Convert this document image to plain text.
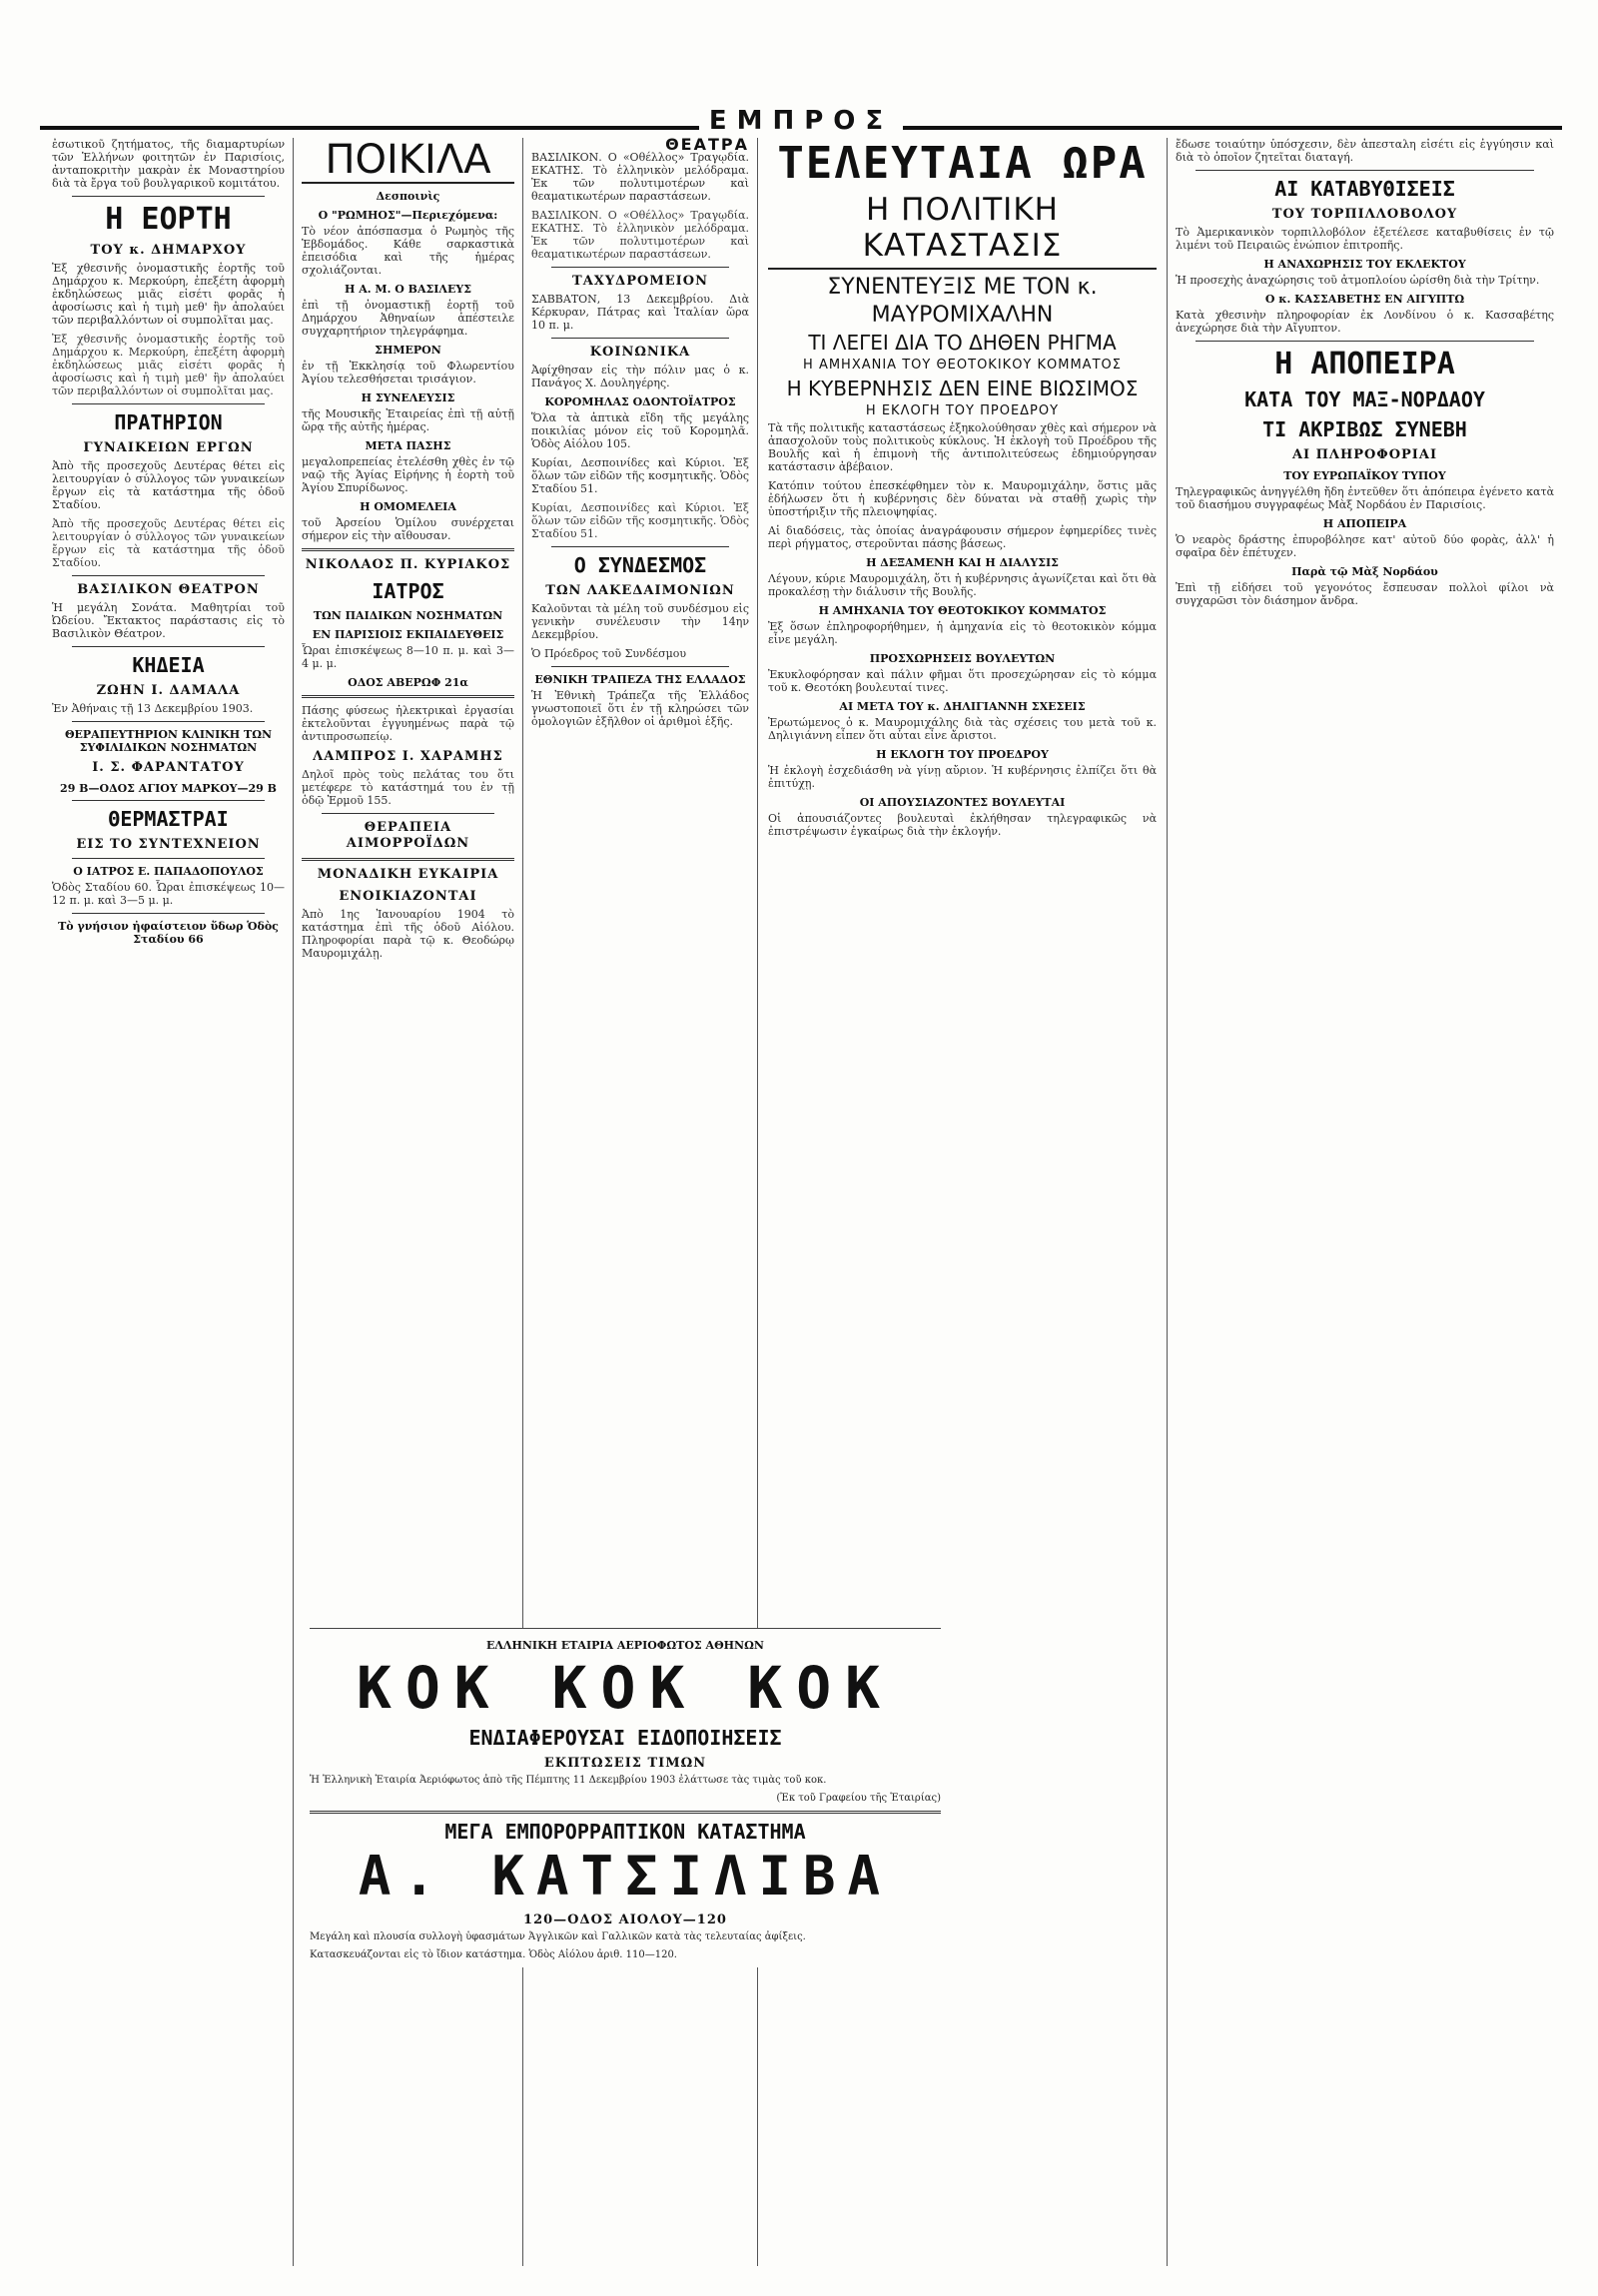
ΕΜΠΡΟΣ

ἐσωτικοῦ ζητήματος, τῆς διαμαρτυρίων τῶν Ἑλλήνων φοιτητῶν ἐν Παρισίοις, ἀνταποκριτὴν μακρὰν ἐκ Μοναστηρίου διὰ τὰ ἔργα τοῦ βουλγαρικοῦ κομιτάτου.

Η ΕΟΡΤΗ
ΤΟΥ κ. ΔΗΜΑΡΧΟΥ

Ἐξ χθεσινῆς ὀνομαστικῆς ἑορτῆς τοῦ Δημάρχου κ. Μερκούρη, ἐπεξέτη ἀφορμὴ ἐκδηλώσεως μιᾶς εἰσέτι φορᾶς ἡ ἀφοσίωσις καὶ ἡ τιμὴ μεθ' ἣν ἀπολαύει τῶν περιβαλλόντων οἱ συμπολῖται μας.

Ἐξ χθεσινῆς ὀνομαστικῆς ἑορτῆς τοῦ Δημάρχου κ. Μερκούρη, ἐπεξέτη ἀφορμὴ ἐκδηλώσεως μιᾶς εἰσέτι φορᾶς ἡ ἀφοσίωσις καὶ ἡ τιμὴ μεθ' ἣν ἀπολαύει τῶν περιβαλλόντων οἱ συμπολῖται μας.

ΠΡΑΤΗΡΙΟΝ
ΓΥΝΑΙΚΕΙΩΝ ΕΡΓΩΝ

Ἀπὸ τῆς προσεχοῦς Δευτέρας θέτει εἰς λειτουργίαν ὁ σύλλογος τῶν γυναικείων ἔργων εἰς τὰ κατάστημα τῆς ὁδοῦ Σταδίου.

Ἀπὸ τῆς προσεχοῦς Δευτέρας θέτει εἰς λειτουργίαν ὁ σύλλογος τῶν γυναικείων ἔργων εἰς τὰ κατάστημα τῆς ὁδοῦ Σταδίου.

ΒΑΣΙΛΙΚΟΝ ΘΕΑΤΡΟΝ

Ἡ μεγάλη Σονάτα. Μαθητρίαι τοῦ Ὠδείου. Ἔκτακτος παράστασις εἰς τὸ Βασιλικὸν Θέατρον.

ΚΗΔΕΙΑ
ΖΩΗΝ Ι. ΔΑΜΑΛΑ

Ἐν Ἀθήναις τῇ 13 Δεκεμβρίου 1903.

ΘΕΡΑΠΕΥΤΗΡΙΟΝ ΚΛΙΝΙΚΗ ΤΩΝ ΣΥΦΙΛΙΔΙΚΩΝ ΝΟΣΗΜΑΤΩΝ
Ι. Σ. ΦΑΡΑΝΤΑΤΟΥ
29 Β—ΟΔΟΣ ΑΓΙΟΥ ΜΑΡΚΟΥ—29 Β
ΘΕΡΜΑΣΤΡΑΙ
ΕΙΣ ΤΟ ΣΥΝΤΕΧΝΕΙΟΝ
Ο ΙΑΤΡΟΣ Ε. ΠΑΠΑΔΟΠΟΥΛΟΣ

Ὁδὸς Σταδίου 60. Ὧραι ἐπισκέψεως 10—12 π. μ. καὶ 3—5 μ. μ.

Τὸ γνήσιον ἠφαίστειον ὕδωρ Ὁδὸς Σταδίου 66
ΠΟΙΚΙΛΑ
Δεσποινὶς
Ο "ΡΩΜΗΟΣ"—Περιεχόμενα:

Τὸ νέον ἀπόσπασμα ὁ Ρωμηὸς τῆς Ἑβδομάδος. Κάθε σαρκαστικὰ ἐπεισόδια καὶ τῆς ἡμέρας σχολιάζονται.

Η Α. Μ. Ο ΒΑΣΙΛΕΥΣ

ἐπὶ τῇ ὀνομαστικῇ ἑορτῇ τοῦ Δημάρχου Ἀθηναίων ἀπέστειλε συγχαρητήριον τηλεγράφημα.

ΣΗΜΕΡΟΝ

ἐν τῇ Ἐκκλησίᾳ τοῦ Φλωρεντίου Ἀγίου τελεσθήσεται τρισάγιον.

Η ΣΥΝΕΛΕΥΣΙΣ

τῆς Μουσικῆς Ἑταιρείας ἐπὶ τῇ αὐτῇ ὥρᾳ τῆς αὐτῆς ἡμέρας.

ΜΕΤΑ ΠΑΣΗΣ

μεγαλοπρεπείας ἐτελέσθη χθὲς ἐν τῷ ναῷ τῆς Ἁγίας Εἰρήνης ἡ ἑορτὴ τοῦ Ἁγίου Σπυρίδωνος.

Η ΟΜΟΜΕΛΕΙΑ

τοῦ Ἀρσείου Ὁμίλου συνέρχεται σήμερον εἰς τὴν αἴθουσαν.

ΝΙΚΟΛΑΟΣ Π. ΚΥΡΙΑΚΟΣ
ΙΑΤΡΟΣ
ΤΩΝ ΠΑΙΔΙΚΩΝ ΝΟΣΗΜΑΤΩΝ
ΕΝ ΠΑΡΙΣΙΟΙΣ ΕΚΠΑΙΔΕΥΘΕΙΣ

Ὧραι ἐπισκέψεως 8—10 π. μ. καὶ 3—4 μ. μ.

ΟΔΟΣ ΑΒΕΡΩΦ 21α

Πάσης φύσεως ἠλεκτρικαὶ ἐργασίαι ἐκτελοῦνται ἐγγυημένως παρὰ τῷ ἀντιπροσωπείῳ.

ΛΑΜΠΡΟΣ Ι. ΧΑΡΑΜΗΣ

Δηλοῖ πρὸς τοὺς πελάτας του ὅτι μετέφερε τὸ κατάστημά του ἐν τῇ ὁδῷ Ἑρμοῦ 155.

ΘΕΡΑΠΕΙΑ ΑΙΜΟΡΡΟΪΔΩΝ
ΜΟΝΑΔΙΚΗ ΕΥΚΑΙΡΙΑ
ΕΝΟΙΚΙΑΖΟΝΤΑΙ

Ἀπὸ 1ης Ἰανουαρίου 1904 τὸ κατάστημα ἐπὶ τῆς ὁδοῦ Αἰόλου. Πληροφορίαι παρὰ τῷ κ. Θεοδώρῳ Μαυρομιχάλῃ.

ΘΕΑΤΡΑ

ΒΑΣΙΛΙΚΟΝ. Ο «Οθέλλος» Τραγῳδία. ΕΚΑΤΗΣ. Τὸ ἑλληνικὸν μελόδραμα. Ἐκ τῶν πολυτιμοτέρων καὶ θεαματικωτέρων παραστάσεων.

ΒΑΣΙΛΙΚΟΝ. Ο «Οθέλλος» Τραγῳδία. ΕΚΑΤΗΣ. Τὸ ἑλληνικὸν μελόδραμα. Ἐκ τῶν πολυτιμοτέρων καὶ θεαματικωτέρων παραστάσεων.

ΤΑΧΥΔΡΟΜΕΙΟΝ

ΣΑΒΒΑΤΟΝ, 13 Δεκεμβρίου. Διὰ Κέρκυραν, Πάτρας καὶ Ἰταλίαν ὥρα 10 π. μ.

ΚΟΙΝΩΝΙΚΑ

Ἀφίχθησαν εἰς τὴν πόλιν μας ὁ κ. Πανάγος Χ. Δουληγέρης.

ΚΟΡΟΜΗΛΑΣ ΟΔΟΝΤΟΪΑΤΡΟΣ

Ὅλα τὰ ἀπτικὰ εἴδη τῆς μεγάλης ποικιλίας μόνον εἰς τοῦ Κορομηλᾶ. Ὁδὸς Αἰόλου 105.

Κυρίαι, Δεσποινίδες καὶ Κύριοι. Ἐξ ὅλων τῶν εἰδῶν τῆς κοσμητικῆς. Ὁδὸς Σταδίου 51.

Κυρίαι, Δεσποινίδες καὶ Κύριοι. Ἐξ ὅλων τῶν εἰδῶν τῆς κοσμητικῆς. Ὁδὸς Σταδίου 51.

Ο ΣΥΝΔΕΣΜΟΣ
ΤΩΝ ΛΑΚΕΔΑΙΜΟΝΙΩΝ

Καλοῦνται τὰ μέλη τοῦ συνδέσμου εἰς γενικὴν συνέλευσιν τὴν 14ην Δεκεμβρίου.

Ὁ Πρόεδρος τοῦ Συνδέσμου

ΕΘΝΙΚΗ ΤΡΑΠΕΖΑ ΤΗΣ ΕΛΛΑΔΟΣ

Ἡ Ἐθνικὴ Τράπεζα τῆς Ἑλλάδος γνωστοποιεῖ ὅτι ἐν τῇ κληρώσει τῶν ὁμολογιῶν ἐξῆλθον οἱ ἀριθμοὶ ἑξῆς.

ΤΕΛΕΥΤΑΙΑ ΩΡΑ
Η ΠΟΛΙΤΙΚΗ ΚΑΤΑΣΤΑΣΙΣ
ΣΥΝΕΝΤΕΥΞΙΣ ΜΕ ΤΟΝ κ. ΜΑΥΡΟΜΙΧΑΛΗΝ
ΤΙ ΛΕΓΕΙ ΔΙΑ ΤΟ ΔΗΘΕΝ ΡΗΓΜΑ
Η ΑΜΗΧΑΝΙΑ ΤΟΥ ΘΕΟΤΟΚΙΚΟΥ ΚΟΜΜΑΤΟΣ
Η ΚΥΒΕΡΝΗΣΙΣ ΔΕΝ ΕΙΝΕ ΒΙΩΣΙΜΟΣ
Η ΕΚΛΟΓΗ ΤΟΥ ΠΡΟΕΔΡΟΥ

Τὰ τῆς πολιτικῆς καταστάσεως ἐξηκολούθησαν χθὲς καὶ σήμερον νὰ ἀπασχολοῦν τοὺς πολιτικοὺς κύκλους. Ἡ ἐκλογὴ τοῦ Προέδρου τῆς Βουλῆς καὶ ἡ ἐπιμονὴ τῆς ἀντιπολιτεύσεως ἐδημιούργησαν κατάστασιν ἀβέβαιον.

Κατόπιν τούτου ἐπεσκέφθημεν τὸν κ. Μαυρομιχάλην, ὅστις μᾶς ἐδήλωσεν ὅτι ἡ κυβέρνησις δὲν δύναται νὰ σταθῇ χωρὶς τὴν ὑποστήριξιν τῆς πλειοψηφίας.

Αἱ διαδόσεις, τὰς ὁποίας ἀναγράφουσιν σήμερον ἐφημερίδες τινὲς περὶ ρήγματος, στεροῦνται πάσης βάσεως.

Η ΔΕΞΑΜΕΝΗ ΚΑΙ Η ΔΙΑΛΥΣΙΣ

Λέγουν, κύριε Μαυρομιχάλη, ὅτι ἡ κυβέρνησις ἀγωνίζεται καὶ ὅτι θὰ προκαλέσῃ τὴν διάλυσιν τῆς Βουλῆς.

Η ΑΜΗΧΑΝΙΑ ΤΟΥ ΘΕΟΤΟΚΙΚΟΥ ΚΟΜΜΑΤΟΣ

Ἐξ ὅσων ἐπληροφορήθημεν, ἡ ἀμηχανία εἰς τὸ θεοτοκικὸν κόμμα εἶνε μεγάλη.

ΠΡΟΣΧΩΡΗΣΕΙΣ ΒΟΥΛΕΥΤΩΝ

Ἐκυκλοφόρησαν καὶ πάλιν φῆμαι ὅτι προσεχώρησαν εἰς τὸ κόμμα τοῦ κ. Θεοτόκη βουλευταί τινες.

ΑΙ ΜΕΤΑ ΤΟΥ κ. ΔΗΛΙΓΙΑΝΝΗ ΣΧΕΣΕΙΣ

Ἐρωτώμενος ὁ κ. Μαυρομιχάλης διὰ τὰς σχέσεις του μετὰ τοῦ κ. Δηλιγιάννη εἶπεν ὅτι αὗται εἶνε ἄριστοι.

Η ΕΚΛΟΓΗ ΤΟΥ ΠΡΟΕΔΡΟΥ

Ἡ ἐκλογὴ ἐσχεδιάσθη νὰ γίνῃ αὔριον. Ἡ κυβέρνησις ἐλπίζει ὅτι θὰ ἐπιτύχῃ.

ΟΙ ΑΠΟΥΣΙΑΖΟΝΤΕΣ ΒΟΥΛΕΥΤΑΙ

Οἱ ἀπουσιάζοντες βουλευταὶ ἐκλήθησαν τηλεγραφικῶς νὰ ἐπιστρέψωσιν ἐγκαίρως διὰ τὴν ἐκλογήν.

ἔδωσε τοιαύτην ὑπόσχεσιν, δὲν ἀπεσταλη εἰσέτι εἰς ἐγγύησιν καὶ διὰ τὸ ὁποῖον ζητεῖται διαταγή.

ΑΙ ΚΑΤΑΒΥΘΙΣΕΙΣ
ΤΟΥ ΤΟΡΠΙΛΛΟΒΟΛΟΥ

Τὸ Ἀμερικανικὸν τορπιλλοβόλον ἐξετέλεσε καταβυθίσεις ἐν τῷ λιμένι τοῦ Πειραιῶς ἐνώπιον ἐπιτροπῆς.

Η ΑΝΑΧΩΡΗΣΙΣ ΤΟΥ ΕΚΛΕΚΤΟΥ

Ἡ προσεχὴς ἀναχώρησις τοῦ ἀτμοπλοίου ὡρίσθη διὰ τὴν Τρίτην.

Ο κ. ΚΑΣΣΑΒΕΤΗΣ ΕΝ ΑΙΓΥΠΤΩ

Κατὰ χθεσινὴν πληροφορίαν ἐκ Λονδίνου ὁ κ. Κασσαβέτης ἀνεχώρησε διὰ τὴν Αἴγυπτον.

Η ΑΠΟΠΕΙΡΑ
ΚΑΤΑ ΤΟΥ ΜΑΞ-ΝΟΡΔΑΟΥ
ΤΙ ΑΚΡΙΒΩΣ ΣΥΝΕΒΗ
ΑΙ ΠΛΗΡΟΦΟΡΙΑΙ
ΤΟΥ ΕΥΡΩΠΑΪΚΟΥ ΤΥΠΟΥ

Τηλεγραφικῶς ἀνηγγέλθη ἤδη ἐντεῦθεν ὅτι ἀπόπειρα ἐγένετο κατὰ τοῦ διασήμου συγγραφέως Μὰξ Νορδάου ἐν Παρισίοις.

Η ΑΠΟΠΕΙΡΑ

Ὁ νεαρὸς δράστης ἐπυροβόλησε κατ' αὐτοῦ δύο φορὰς, ἀλλ' ἡ σφαῖρα δὲν ἐπέτυχεν.

Παρὰ τῷ Μὰξ Νορδάου

Ἐπὶ τῇ εἰδήσει τοῦ γεγονότος ἔσπευσαν πολλοὶ φίλοι νὰ συγχαρῶσι τὸν διάσημον ἄνδρα.

ΕΛΛΗΝΙΚΗ ΕΤΑΙΡΙΑ ΑΕΡΙΟΦΩΤΟΣ ΑΘΗΝΩΝ
ΚΟΚ ΚΟΚ ΚΟΚ
ΕΝΔΙΑΦΕΡΟΥΣΑΙ ΕΙΔΟΠΟΙΗΣΕΙΣ
ΕΚΠΤΩΣΕΙΣ ΤΙΜΩΝ

Ἡ Ἑλληνικὴ Ἑταιρία Ἀεριόφωτος ἀπὸ τῆς Πέμπτης 11 Δεκεμβρίου 1903 ἐλάττωσε τὰς τιμὰς τοῦ κοκ.

(Ἐκ τοῦ Γραφείου τῆς Ἑταιρίας)

ΜΕΓΑ ΕΜΠΟΡΟΡΡΑΠΤΙΚΟΝ ΚΑΤΑΣΤΗΜΑ
Α. ΚΑΤΣΙΛΙΒΑ
120—ΟΔΟΣ ΑΙΟΛΟΥ—120

Μεγάλη καὶ πλουσία συλλογὴ ὑφασμάτων Ἀγγλικῶν καὶ Γαλλικῶν κατὰ τὰς τελευταίας ἀφίξεις.

Κατασκευάζονται εἰς τὸ ἴδιον κατάστημα. Ὁδὸς Αἰόλου ἀριθ. 110—120.
